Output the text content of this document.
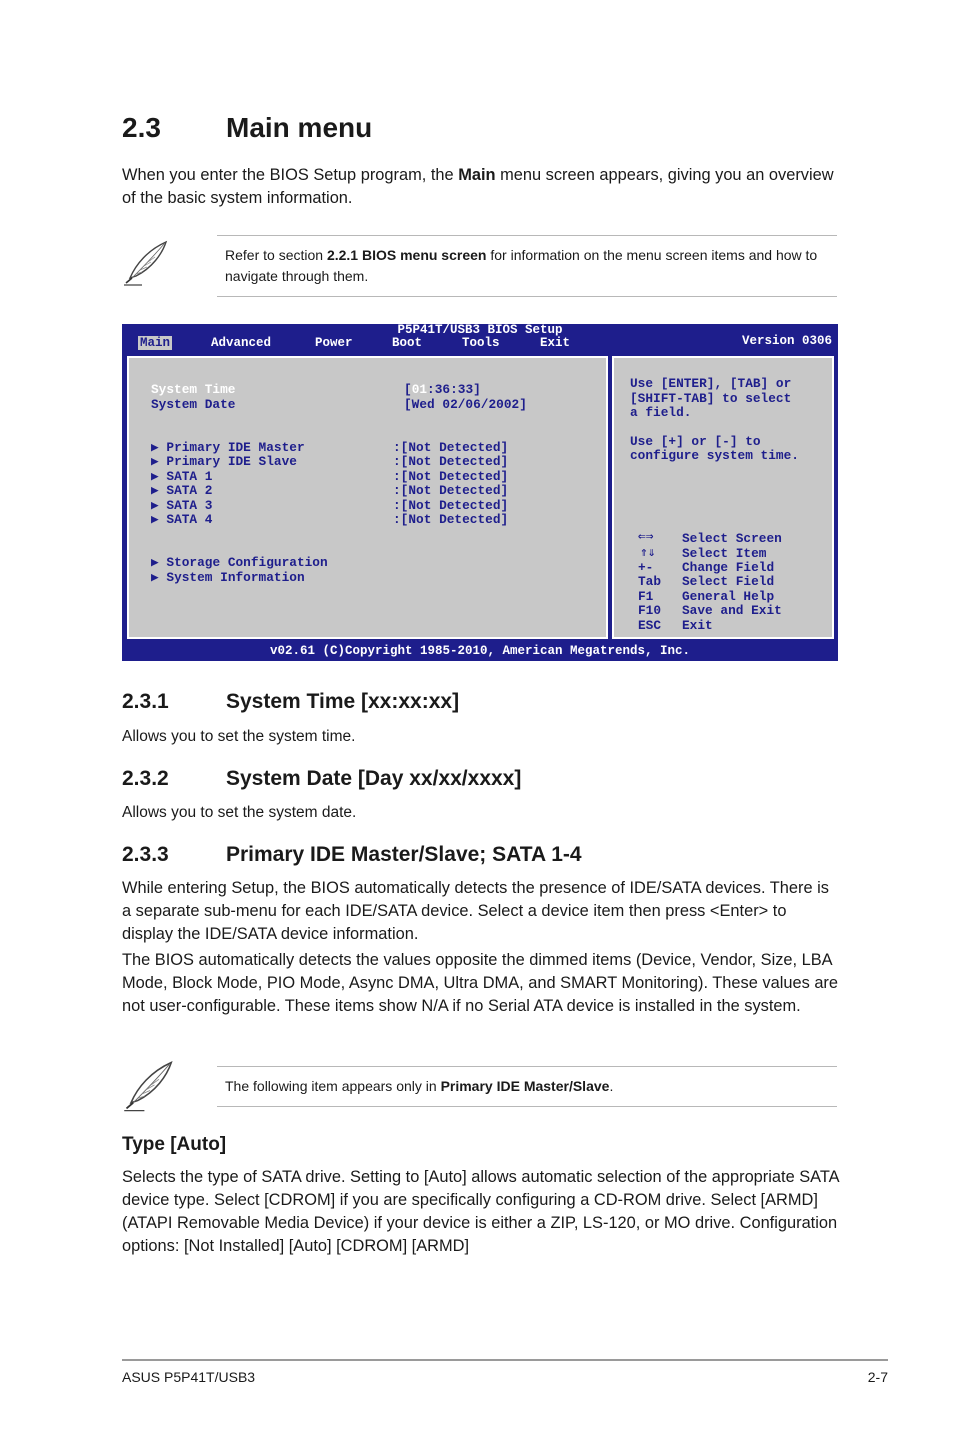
2.3 Main menu

When you enter the BIOS Setup program, the Main menu screen appears, giving you an overview of the basic system information.

Refer to section 2.2.1 BIOS menu screen for information on the menu screen items and how to navigate through them.
P5P41T/USB3 BIOS Setup
Version 0306
Main	Advanced	Power	Boot	Tools	Exit
System Time	[01:36:33]
System Date	[Wed 02/06/2002]
▶ Primary IDE Master	:[Not Detected]
▶ Primary IDE Slave	:[Not Detected]
▶ SATA 1	:[Not Detected]
▶ SATA 2	:[Not Detected]
▶ SATA 3	:[Not Detected]
▶ SATA 4	:[Not Detected]
▶ Storage Configuration
▶ System Information
Use [ENTER], [TAB] or
[SHIFT-TAB] to select
a field.
Use [+] or [-] to
configure system time.
⇐⇒ Select Screen
⇑⇓ Select Item
+- Change Field
Tab Select Field
F1 General Help
F10 Save and Exit
ESC Exit
v02.61 (C)Copyright 1985-2010, American Megatrends, Inc.
2.3.1	System Time [xx:xx:xx]

Allows you to set the system time.

2.3.2	System Date [Day xx/xx/xxxx]

Allows you to set the system date.

2.3.3	Primary IDE Master/Slave; SATA 1-4

While entering Setup, the BIOS automatically detects the presence of IDE/SATA devices. There is a separate sub-menu for each IDE/SATA device. Select a device item then press <Enter> to display the IDE/SATA device information.

The BIOS automatically detects the values opposite the dimmed items (Device, Vendor, Size, LBA Mode, Block Mode, PIO Mode, Async DMA, Ultra DMA, and SMART Monitoring). These values are not user-configurable. These items show N/A if no Serial ATA device is installed in the system.

The following item appears only in Primary IDE Master/Slave.
Type [Auto]

Selects the type of SATA drive. Setting to [Auto] allows automatic selection of the appropriate SATA device type. Select [CDROM] if you are specifically configuring a CD-ROM drive. Select [ARMD] (ATAPI Removable Media Device) if your device is either a ZIP, LS-120, or MO drive. Configuration options: [Not Installed] [Auto] [CDROM] [ARMD]

ASUS P5P41T/USB3	2-7
